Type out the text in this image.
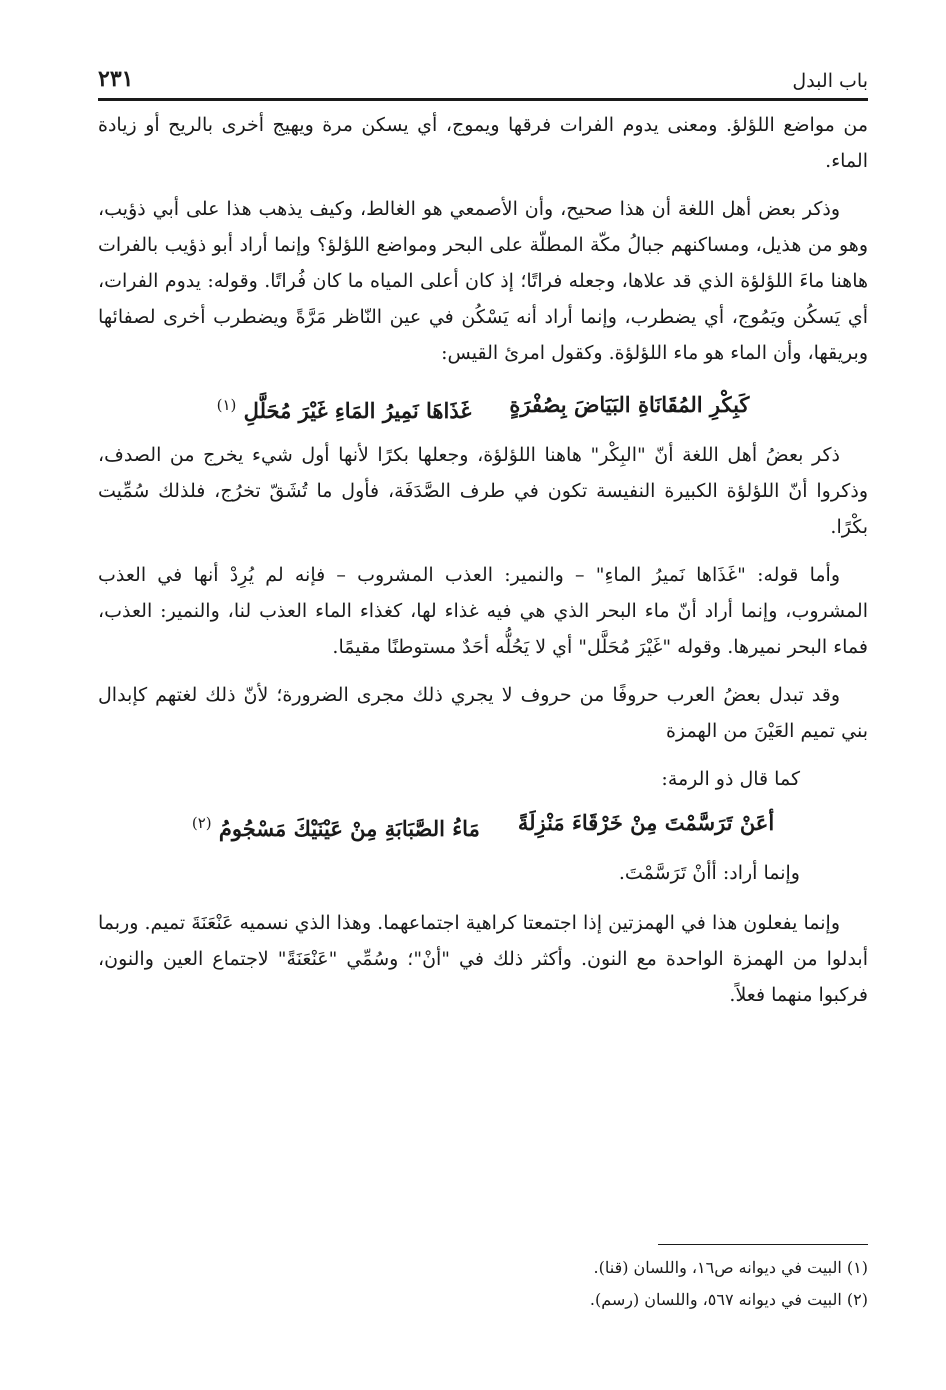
باب البدل
٢٣١

من مواضع اللؤلؤ. ومعنى يدوم الفرات فرقها ويموج، أي يسكن مرة ويهيج أخرى بالريح أو زيادة الماء.

وذكر بعض أهل اللغة أن هذا صحيح، وأن الأصمعي هو الغالط، وكيف يذهب هذا على أبي ذؤيب، وهو من هذيل، ومساكنهم جبالُ مكّة المطلّة على البحر ومواضع اللؤلؤ؟ وإنما أراد أبو ذؤيب بالفرات هاهنا ماءَ اللؤلؤة الذي قد علاها، وجعله فراتًا؛ إذ كان أعلى المياه ما كان فُراتًا. وقوله: يدوم الفرات، أي يَسكُن ويَمُوج، أي يضطرب، وإنما أراد أنه يَسْكُن في عين النّاظر مَرَّةً ويضطرب أخرى لصفائها وبريقها، وأن الماء هو ماء اللؤلؤة. وكقول امرئ القيس:

كَبِكْرِ المُقَانَاةِ البَيَاضَ بِصُفْرَةٍ
غَذَاهَا نَمِيرُ المَاءِ غَيْرَ مُحَلَّلِ $^{(١)}$

ذكر بعضُ أهل اللغة أنّ "البِكْر" هاهنا اللؤلؤة، وجعلها بكرًا لأنها أول شيء يخرج من الصدف، وذكروا أنّ اللؤلؤة الكبيرة النفيسة تكون في طرف الصَّدَفَة، فأول ما تُشَقّ تخرُج، فلذلك سُمِّيت بكْرًا.

وأما قوله: "غَذَاها نَميرُ الماءِ" – والنمير: العذب المشروب – فإنه لم يُرِدْ أنها في العذب المشروب، وإنما أراد أنّ ماء البحر الذي هي فيه غذاء لها، كغذاء الماء العذب لنا، والنمير: العذب، فماء البحر نميرها. وقوله "غَيْرَ مُحَلَّل" أي لا يَحُلُّه أحَدٌ مستوطنًا مقيمًا.

وقد تبدل بعضُ العرب حروفًا من حروف لا يجري ذلك مجرى الضرورة؛ لأنّ ذلك لغتهم كإبدال بني تميم العَيْنَ من الهمزة

كما قال ذو الرمة:
أعَنْ تَرَسَّمْتَ مِنْ خَرْقَاءَ مَنْزِلَةً
مَاءُ الصَّبَابَةِ مِنْ عَيْنَيْكَ مَسْجُومُ $^{(٢)}$
وإنما أراد: أأنْ تَرَسَّمْتَ.

وإنما يفعلون هذا في الهمزتين إذا اجتمعتا كراهية اجتماعهما. وهذا الذي نسميه عَنْعَنَةَ تميم. وربما أبدلوا من الهمزة الواحدة مع النون. وأكثر ذلك في "أنْ"؛ وسُمِّي "عَنْعَنَةً" لاجتماع العين والنون، فركبوا منهما فعلاً.

(١) البيت في ديوانه ص١٦، واللسان (قنا).
(٢) البيت في ديوانه ٥٦٧، واللسان (رسم).
